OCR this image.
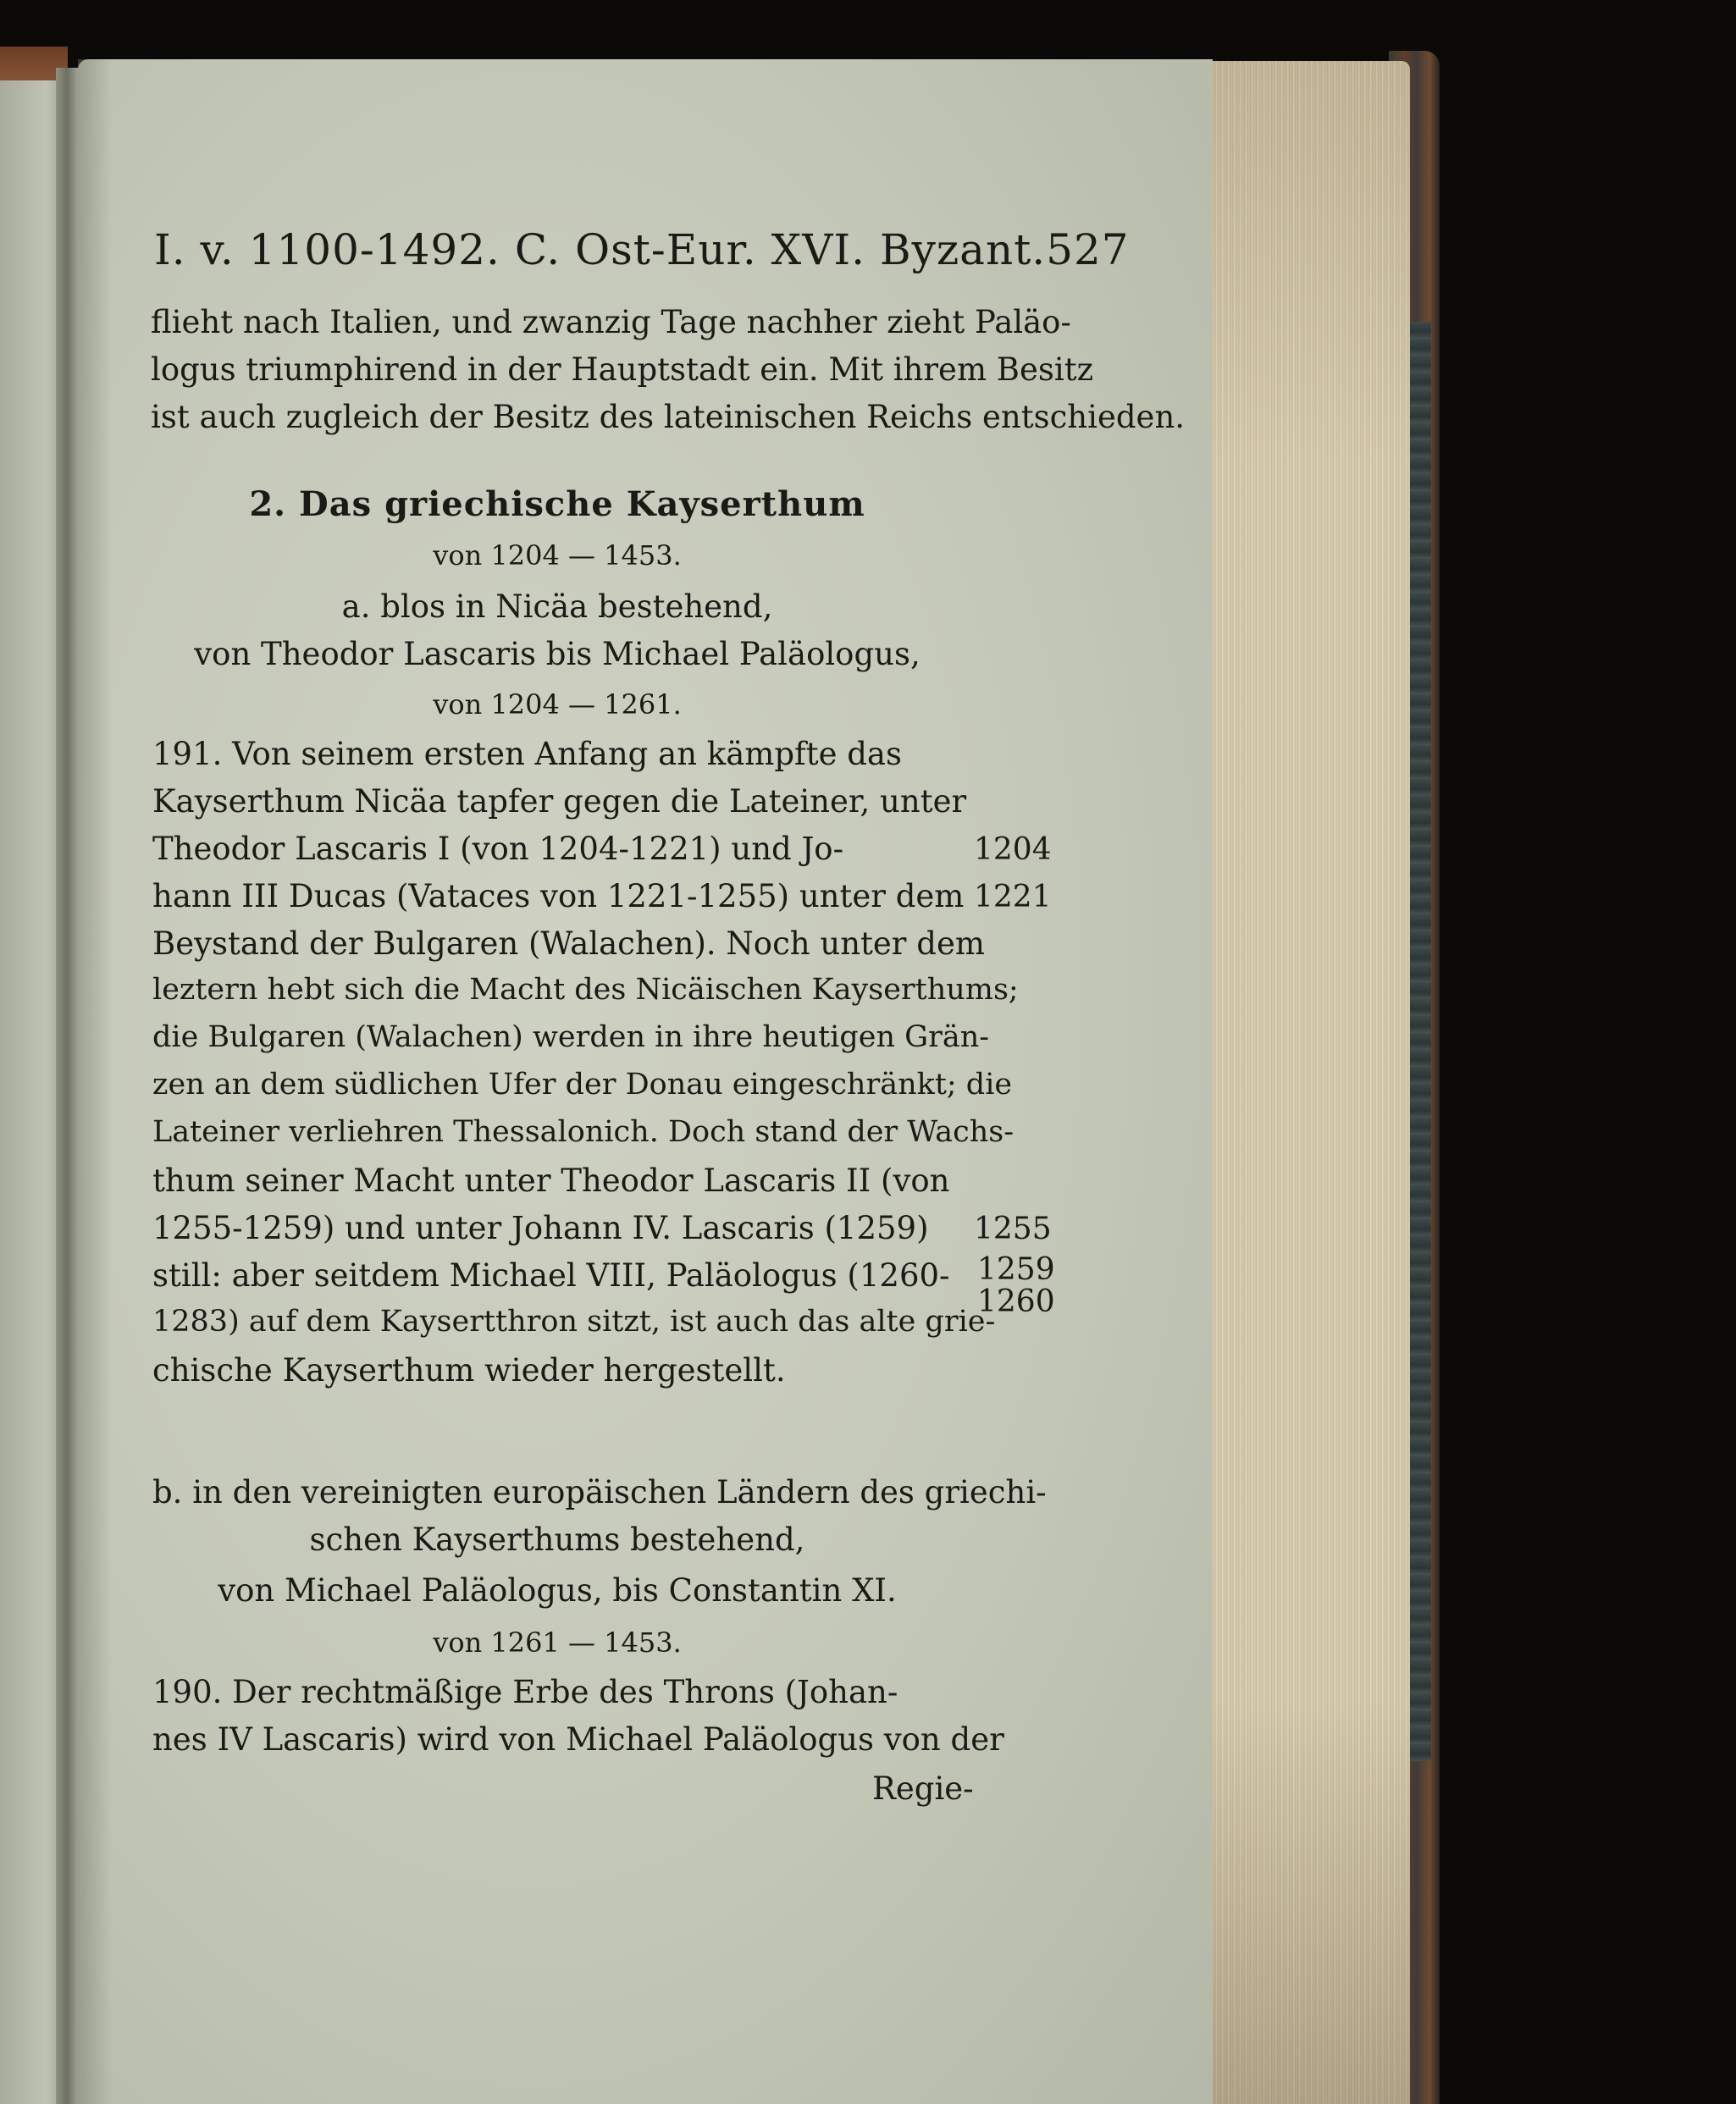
I. v. 1100-1492. C. Ost-Eur. XVI. Byzant. 527
flieht nach Italien, und zwanzig Tage nachher zieht Paläo-
logus triumphirend in der Hauptstadt ein. Mit ihrem Besitz
ist auch zugleich der Besitz des lateinischen Reichs entschieden.
2. Das griechische Kayserthum
von 1204 — 1453.
a. blos in Nicäa bestehend,
von Theodor Lascaris bis Michael Paläologus,
von 1204 — 1261.
191. Von seinem ersten Anfang an kämpfte das
Kayserthum Nicäa tapfer gegen die Lateiner, unter
Theodor Lascaris I (von 1204-1221) und Jo-
hann III Ducas (Vataces von 1221-1255) unter dem
Beystand der Bulgaren (Walachen). Noch unter dem
leztern hebt sich die Macht des Nicäischen Kayserthums;
die Bulgaren (Walachen) werden in ihre heutigen Grän-
zen an dem südlichen Ufer der Donau eingeschränkt; die
Lateiner verliehren Thessalonich. Doch stand der Wachs-
thum seiner Macht unter Theodor Lascaris II (von
1255-1259) und unter Johann IV. Lascaris (1259)
still: aber seitdem Michael VIII, Paläologus (1260-
1283) auf dem Kaysertthron sitzt, ist auch das alte grie-
chische Kayserthum wieder hergestellt.
1204
1221
1255
1259
1260
b. in den vereinigten europäischen Ländern des griechi-
schen Kayserthums bestehend,
von Michael Paläologus, bis Constantin XI.
von 1261 — 1453.
190. Der rechtmäßige Erbe des Throns (Johan-
nes IV Lascaris) wird von Michael Paläologus von der
Regie-
